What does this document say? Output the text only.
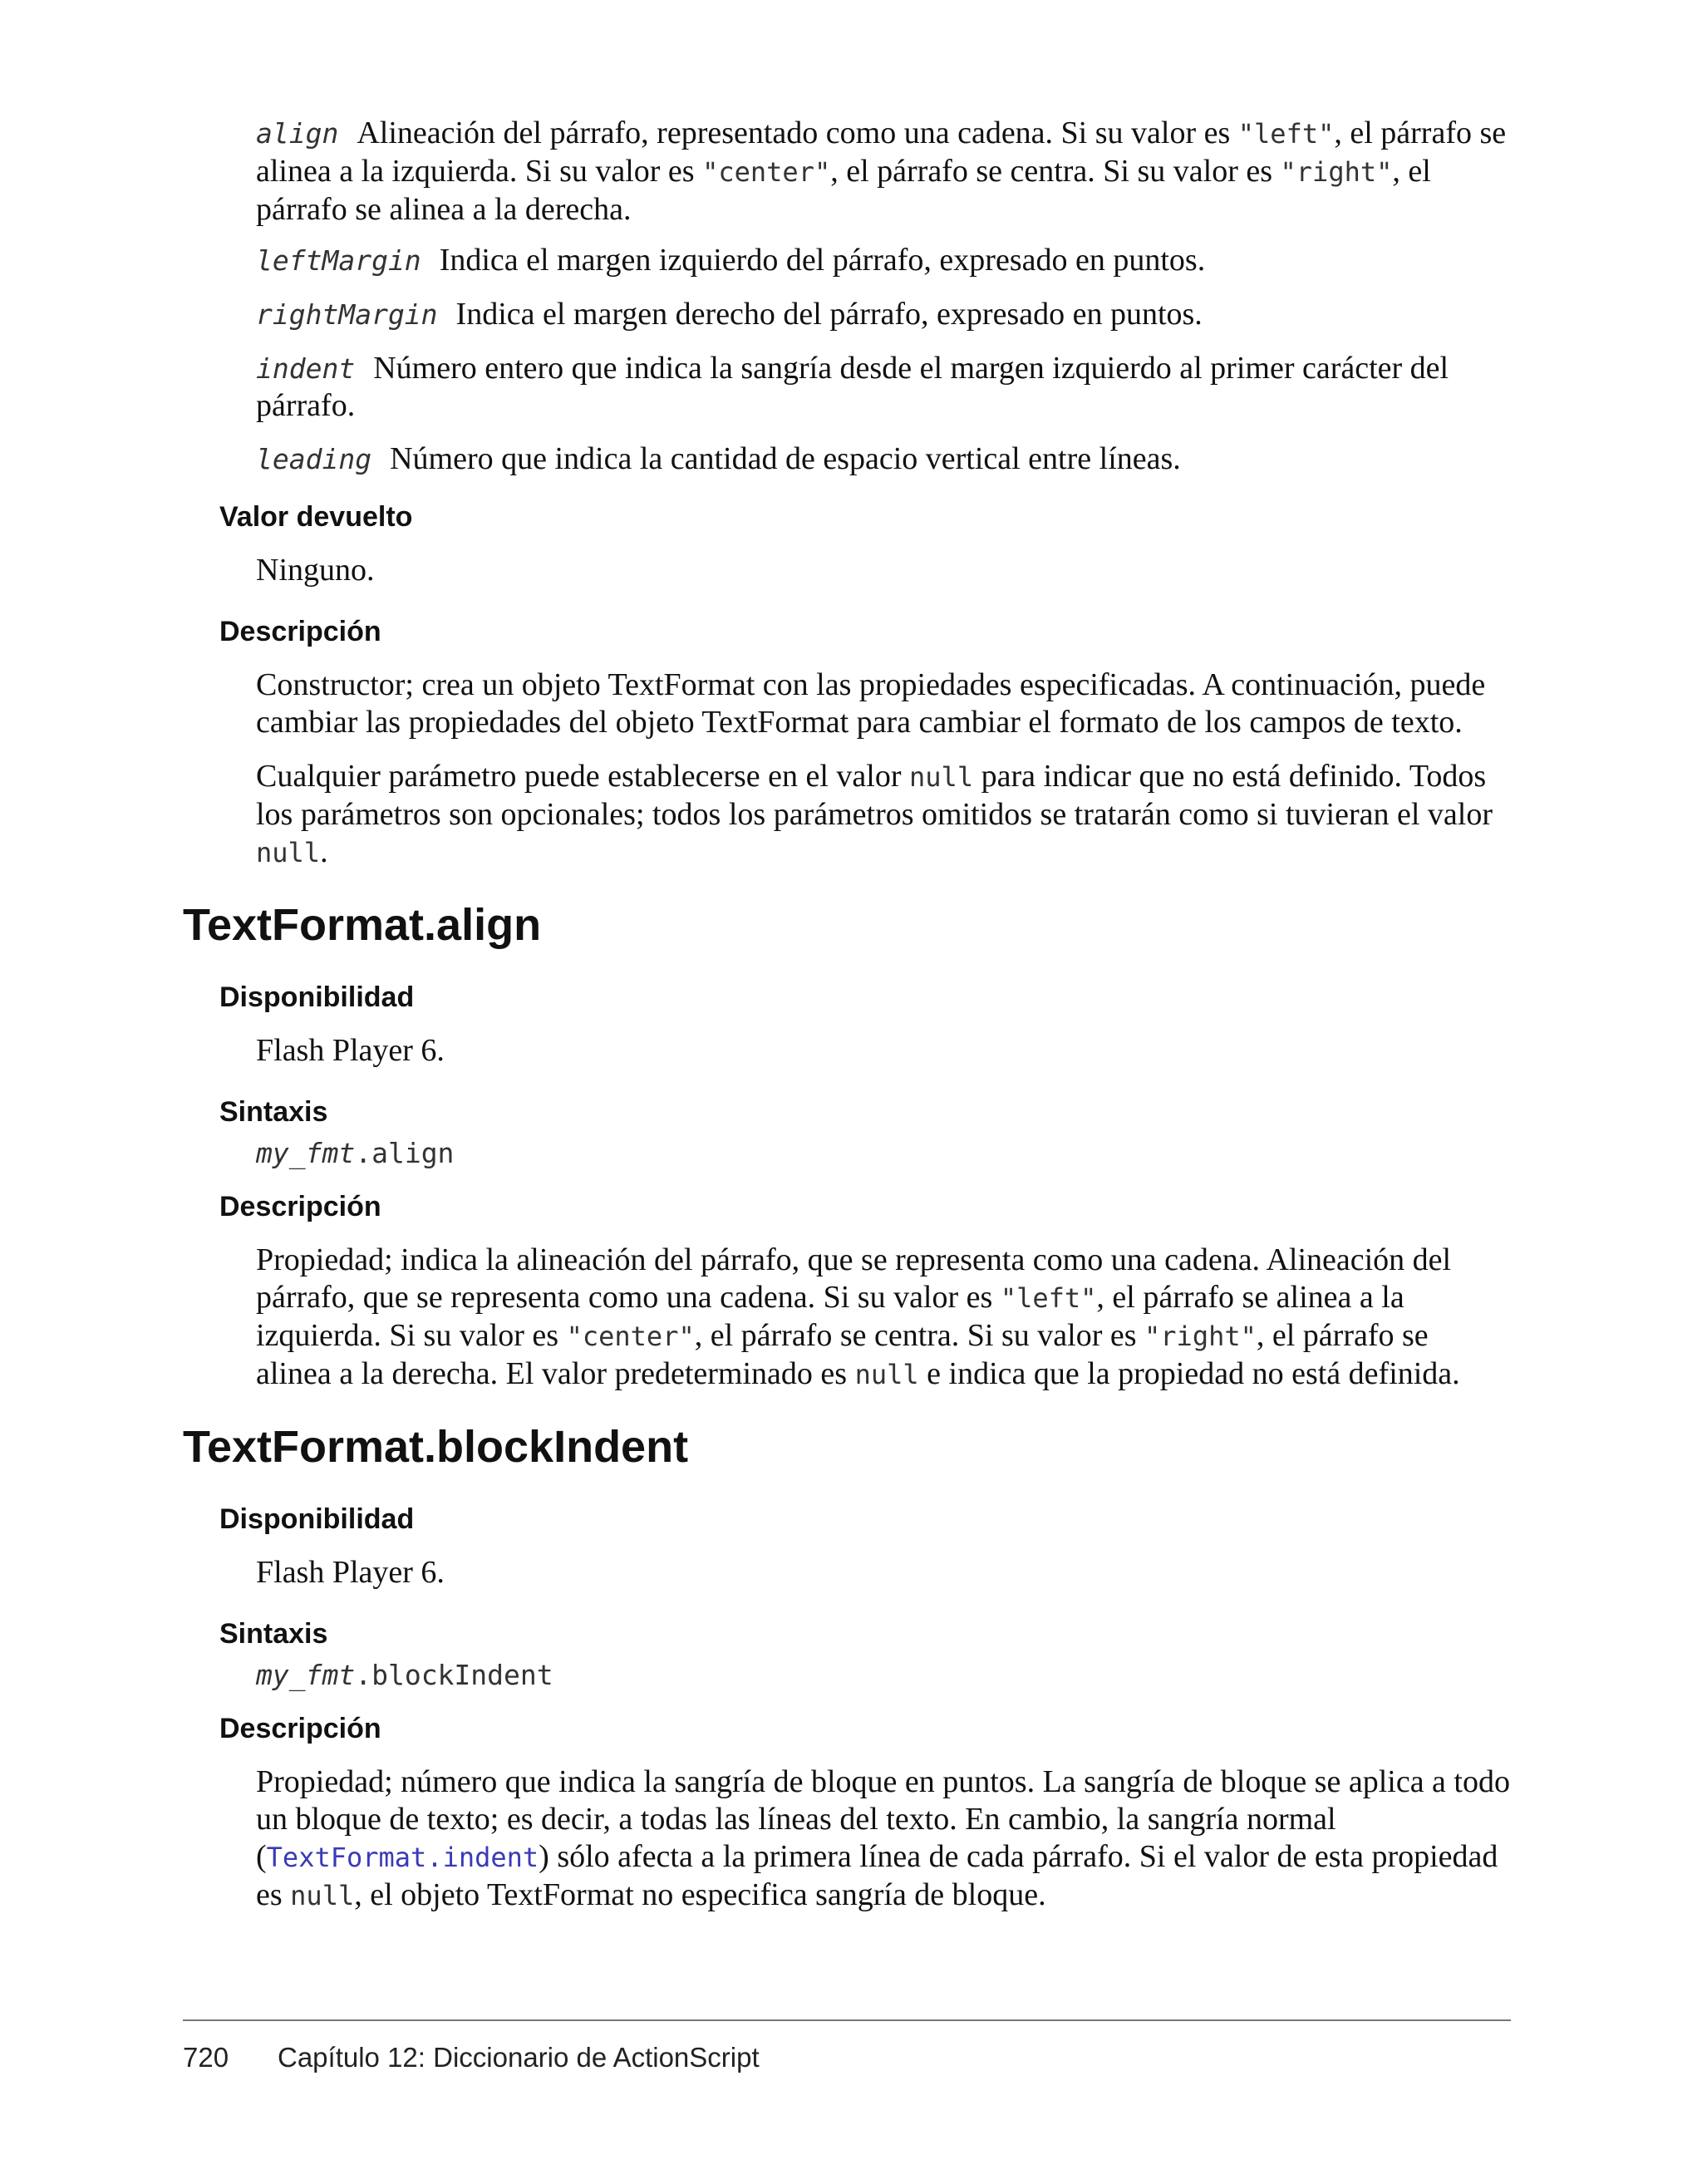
align Alineación del párrafo, representado como una cadena. Si su valor es "left", el párrafo se alinea a la izquierda. Si su valor es "center", el párrafo se centra. Si su valor es "right", el párrafo se alinea a la derecha.

leftMargin Indica el margen izquierdo del párrafo, expresado en puntos.

rightMargin Indica el margen derecho del párrafo, expresado en puntos.

indent Número entero que indica la sangría desde el margen izquierdo al primer carácter del párrafo.

leading Número que indica la cantidad de espacio vertical entre líneas.

Valor devuelto

Ninguno.

Descripción

Constructor; crea un objeto TextFormat con las propiedades especificadas. A continuación, puede cambiar las propiedades del objeto TextFormat para cambiar el formato de los campos de texto.

Cualquier parámetro puede establecerse en el valor null para indicar que no está definido. Todos los parámetros son opcionales; todos los parámetros omitidos se tratarán como si tuvieran el valor null.

TextFormat.align
Disponibilidad

Flash Player 6.

Sintaxis

my_fmt.align

Descripción

Propiedad; indica la alineación del párrafo, que se representa como una cadena. Alineación del párrafo, que se representa como una cadena. Si su valor es "left", el párrafo se alinea a la izquierda. Si su valor es "center", el párrafo se centra. Si su valor es "right", el párrafo se alinea a la derecha. El valor predeterminado es null e indica que la propiedad no está definida.

TextFormat.blockIndent
Disponibilidad

Flash Player 6.

Sintaxis

my_fmt.blockIndent

Descripción

Propiedad; número que indica la sangría de bloque en puntos. La sangría de bloque se aplica a todo un bloque de texto; es decir, a todas las líneas del texto. En cambio, la sangría normal (TextFormat.indent) sólo afecta a la primera línea de cada párrafo. Si el valor de esta propiedad es null, el objeto TextFormat no especifica sangría de bloque.

720 Capítulo 12: Diccionario de ActionScript
